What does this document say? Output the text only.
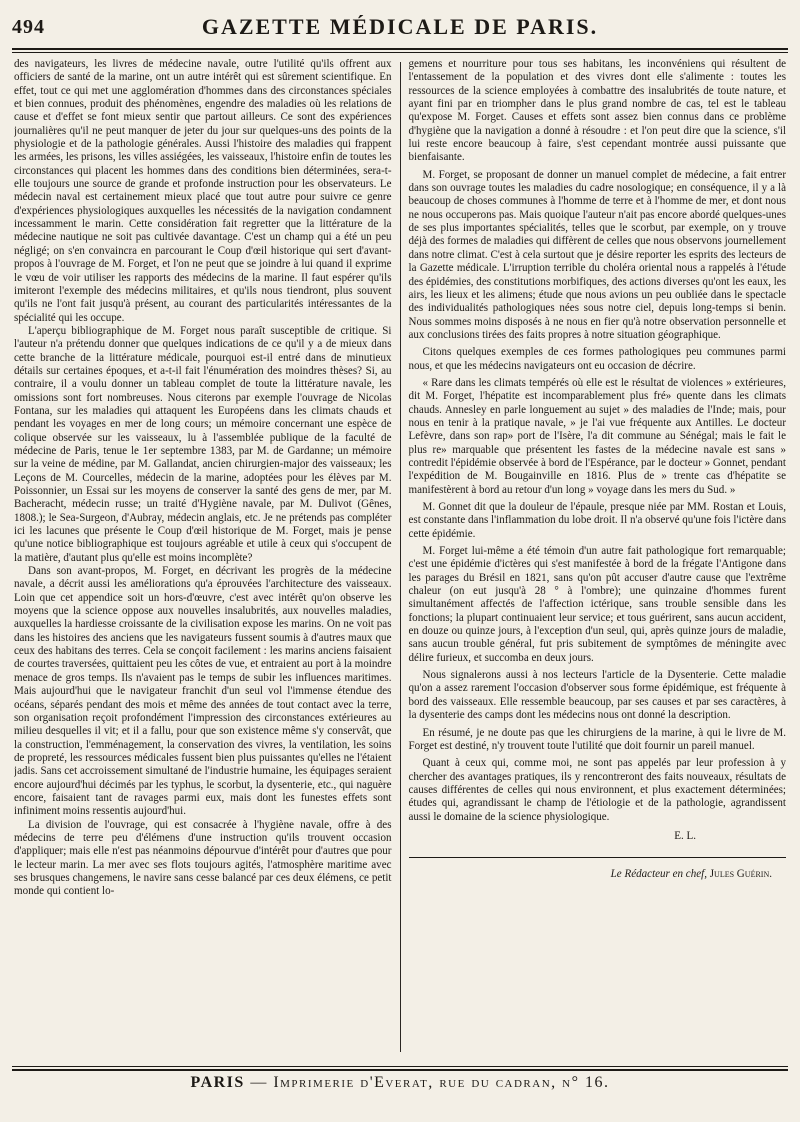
494	GAZETTE MÉDICALE DE PARIS.

des navigateurs, les livres de médecine navale, outre l'utilité qu'ils offrent aux officiers de santé de la marine, ont un autre intérêt qui est sûrement scientifique. En effet, tout ce qui met une agglomération d'hommes dans des circonstances spéciales et bien connues, produit des phénomènes, engendre des maladies où les relations de cause et d'effet se font mieux sentir que partout ailleurs. Ce sont des expériences journalières qu'il ne peut manquer de jeter du jour sur quelques-uns des points de la physiologie et de la pathologie générales. Aussi l'histoire des maladies qui frappent les armées, les prisons, les villes assiégées, les vaisseaux, l'histoire enfin de toutes les circonstances qui placent les hommes dans des conditions bien déterminées, sera-t-elle toujours une source de grande et profonde instruction pour les observateurs. Le médecin naval est certainement mieux placé que tout autre pour suivre ce genre d'expériences physiologiques auxquelles les nécessités de la navigation condamnent incessamment le marin. Cette considération fait regretter que la littérature de la médecine nautique ne soit pas cultivée davantage. C'est un champ qui a été un peu négligé; on s'en convaincra en parcourant le Coup d'œil historique qui sert d'avant-propos à l'ouvrage de M. Forget, et l'on ne peut que se joindre à lui quand il exprime le vœu de voir utiliser les rapports des médecins de la marine. Il faut espérer qu'ils imiteront l'exemple des médecins militaires, et qu'ils nous tiendront, plus souvent qu'ils ne l'ont fait jusqu'à présent, au courant des particularités intéressantes de la spécialité qui les occupe.

L'aperçu bibliographique de M. Forget nous paraît susceptible de critique. Si l'auteur n'a prétendu donner que quelques indications de ce qu'il y a de mieux dans cette branche de la littérature médicale, pourquoi est-il entré dans de minutieux détails sur certaines époques, et a-t-il fait l'énumération des moindres thèses? Si, au contraire, il a voulu donner un tableau complet de toute la littérature navale, les omissions sont fort nombreuses. Nous citerons par exemple l'ouvrage de Nicolas Fontana, sur les maladies qui attaquent les Européens dans les climats chauds et pendant les voyages en mer de long cours; un mémoire concernant une espèce de colique observée sur les vaisseaux, lu à l'assemblée publique de la faculté de médecine de Paris, tenue le 1er septembre 1383, par M. de Gardanne; un mémoire sur la veine de médine, par M. Gallandat, ancien chirurgien-major des vaisseaux; les Leçons de M. Courcelles, médecin de la marine, adoptées pour les élèves par M. Poissonnier, un Essai sur les moyens de conserver la santé des gens de mer, par M. Bacheracht, médecin russe; un traité d'Hygiène navale, par M. Dulivot (Gênes, 1808.); le Sea-Surgeon, d'Aubray, médecin anglais, etc. Je ne prétends pas compléter ici les lacunes que présente le Coup d'œil historique de M. Forget, mais je pense qu'une notice bibliographique est toujours agréable et utile à ceux qui s'occupent de la matière, d'autant plus qu'elle est moins incomplète?

Dans son avant-propos, M. Forget, en décrivant les progrès de la médecine navale, a décrit aussi les améliorations qu'a éprouvées l'architecture des vaisseaux. Loin que cet appendice soit un hors-d'œuvre, c'est avec intérêt qu'on observe les moyens que la science oppose aux nouvelles insalubrités, aux nouvelles maladies, auxquelles la hardiesse croissante de la civilisation expose les marins. On ne voit pas dans les histoires des anciens que les navigateurs fussent soumis à d'autres maux que ceux des habitans des terres. Cela se conçoit facilement : les marins anciens faisaient de courtes traversées, quittaient peu les côtes de vue, et entraient au port à la moindre menace de gros temps. Ils n'avaient pas le temps de subir les influences maritimes. Mais aujourd'hui que le navigateur franchit d'un seul vol l'immense étendue des océans, séparés pendant des mois et même des années de tout contact avec la terre, son organisation reçoit profondément l'impression des circonstances extérieures au milieu desquelles il vit; et il a fallu, pour que son existence même s'y conservât, que la construction, l'emménagement, la conservation des vivres, la ventilation, les soins de propreté, les ressources médicales fussent bien plus puissantes qu'elles ne l'étaient jadis. Sans cet accroissement simultané de l'industrie humaine, les équipages seraient encore aujourd'hui décimés par les typhus, le scorbut, la dysenterie, etc., qui naguère encore, faisaient tant de ravages parmi eux, mais dont les funestes effets sont infiniment moins ressentis aujourd'hui.

La division de l'ouvrage, qui est consacrée à l'hygiène navale, offre à des médecins de terre peu d'élémens d'une instruction qu'ils trouvent occasion d'appliquer; mais elle n'est pas néanmoins dépourvue d'intérêt pour d'autres que pour le lecteur marin. La mer avec ses flots toujours agités, l'atmosphère maritime avec ses brusques changemens, le navire sans cesse balancé par ces deux élémens, ce petit monde qui contient lo-

gemens et nourriture pour tous ses habitans, les inconvéniens qui résultent de l'entassement de la population et des vivres dont elle s'alimente : toutes les ressources de la science employées à combattre des insalubrités de toute nature, et ayant fini par en triompher dans le plus grand nombre de cas, tel est le tableau qu'expose M. Forget. Causes et effets sont assez bien connus dans ce problème d'hygiène que la navigation a donné à résoudre : et l'on peut dire que la science, s'il lui reste encore beaucoup à faire, s'est cependant montrée aussi puissante que bienfaisante.

M. Forget, se proposant de donner un manuel complet de médecine, a fait entrer dans son ouvrage toutes les maladies du cadre nosologique; en conséquence, il y a là beaucoup de choses communes à l'homme de terre et à l'homme de mer, et dont nous ne nous occuperons pas. Mais quoique l'auteur n'ait pas encore abordé quelques-unes de ses plus importantes spécialités, telles que le scorbut, par exemple, on y trouve déjà des formes de maladies qui diffèrent de celles que nous observons journellement dans notre climat. C'est à cela surtout que je désire reporter les esprits des lecteurs de la Gazette médicale. L'irruption terrible du choléra oriental nous a rappelés à l'étude des épidémies, des constitutions morbifiques, des actions diverses qu'ont les eaux, les airs, les lieux et les alimens; étude que nous avions un peu oubliée dans le spectacle des individualités pathologiques nées sous notre ciel, depuis long-temps si benin. Nous sommes moins disposés à ne nous en fier qu'à notre observation personnelle et aux conclusions tirées des faits propres à notre situation géographique.

Citons quelques exemples de ces formes pathologiques peu communes parmi nous, et que les médecins navigateurs ont eu occasion de décrire.

« Rare dans les climats tempérés où elle est le résultat de violences » extérieures, dit M. Forget, l'hépatite est incomparablement plus fré» quente dans les climats chauds. Annesley en parle longuement au sujet » des maladies de l'Inde; mais, pour nous en tenir à la pratique navale, » je l'ai vue fréquente aux Antilles. Le docteur Lefèvre, dans son rap» port de l'Isère, l'a dit commune au Sénégal; mais le fait le plus re» marquable que présentent les fastes de la médecine navale est sans » contredit l'épidémie observée à bord de l'Espérance, par le docteur » Gonnet, pendant l'expédition de M. Bougainville en 1816. Plus de » trente cas d'hépatite se manifestèrent à bord au retour d'un long » voyage dans les mers du Sud. »

M. Gonnet dit que la douleur de l'épaule, presque niée par MM. Rostan et Louis, est constante dans l'inflammation du lobe droit. Il n'a observé qu'une fois l'ictère dans cette épidémie.

M. Forget lui-même a été témoin d'un autre fait pathologique fort remarquable; c'est une épidémie d'ictères qui s'est manifestée à bord de la frégate l'Antigone dans les parages du Brésil en 1821, sans qu'on pût accuser d'autre cause que l'extrême chaleur (on eut jusqu'à 28 ° à l'ombre); une quinzaine d'hommes furent simultanément affectés de l'affection ictérique, sans trouble sensible dans les fonctions; la plupart continuaient leur service; et tous guérirent, sans aucun accident, en douze ou quinze jours, à l'exception d'un seul, qui, après quinze jours de maladie, sans aucun trouble général, fut pris subitement de symptômes de méningite avec délire furieux, et succomba en deux jours.

Nous signalerons aussi à nos lecteurs l'article de la Dysenterie. Cette maladie qu'on a assez rarement l'occasion d'observer sous forme épidémique, est fréquente à bord des vaisseaux. Elle ressemble beaucoup, par ses causes et par ses caractères, à la dysenterie des camps dont les médecins nous ont donné la description.

En résumé, je ne doute pas que les chirurgiens de la marine, à qui le livre de M. Forget est destiné, n'y trouvent toute l'utilité que doit fournir un pareil manuel.

Quant à ceux qui, comme moi, ne sont pas appelés par leur profession à y chercher des avantages pratiques, ils y rencontreront des faits nouveaux, résultats de causes différentes de celles qui nous environnent, et plus exactement déterminées; études qui, agrandissant le champ de l'étiologie et de la pathologie, agrandissent aussi le domaine de la science physiologique.

E. L.

Le Rédacteur en chef, Jules Guérin.

PARIS — Imprimerie d'Everat, rue du cadran, n° 16.
